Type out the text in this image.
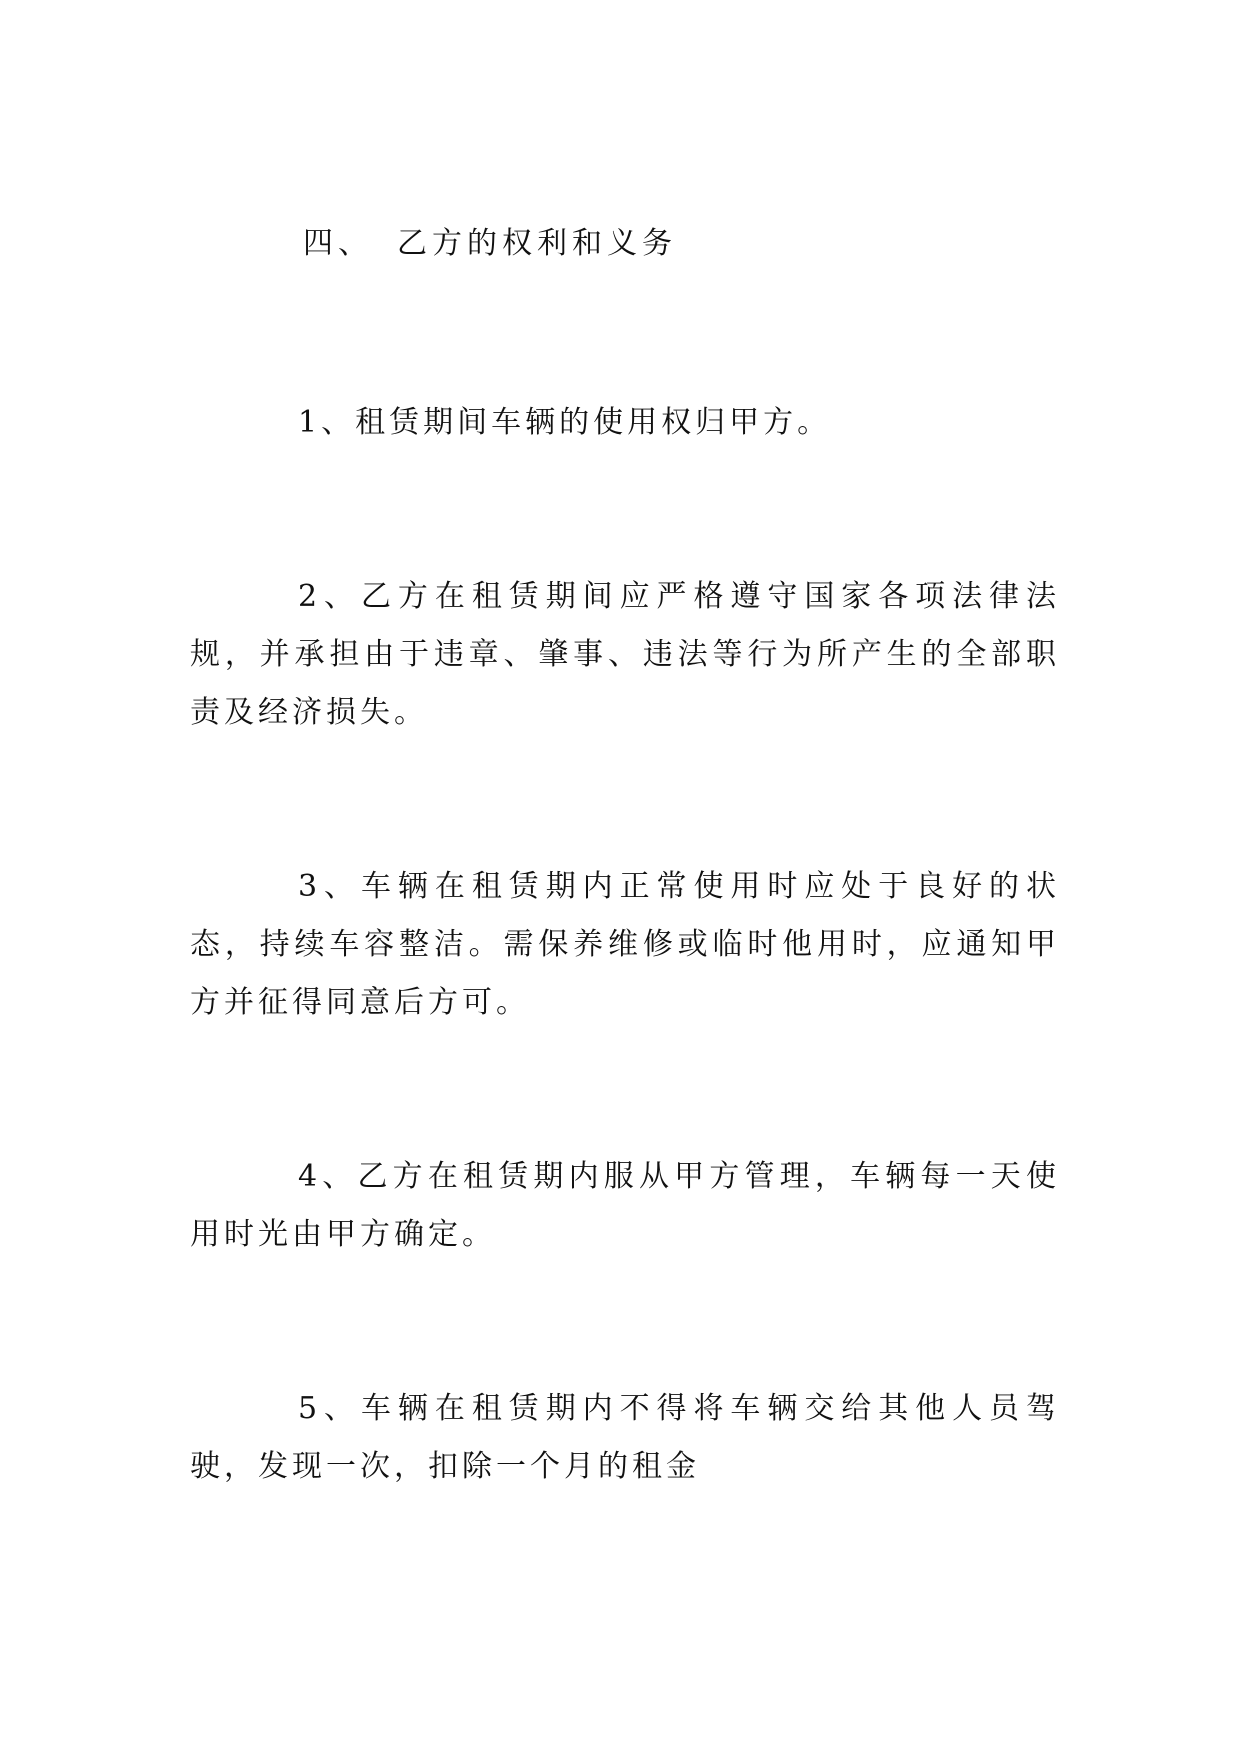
四、 乙方的权利和义务

1、租赁期间车辆的使用权归甲方。

2、乙方在租赁期间应严格遵守国家各项法律法规，并承担由于违章、肇事、违法等行为所产生的全部职责及经济损失。

3、车辆在租赁期内正常使用时应处于良好的状态，持续车容整洁。需保养维修或临时他用时，应通知甲方并征得同意后方可。

4、乙方在租赁期内服从甲方管理，车辆每一天使用时光由甲方确定。

5、车辆在租赁期内不得将车辆交给其他人员驾驶，发现一次，扣除一个月的租金
